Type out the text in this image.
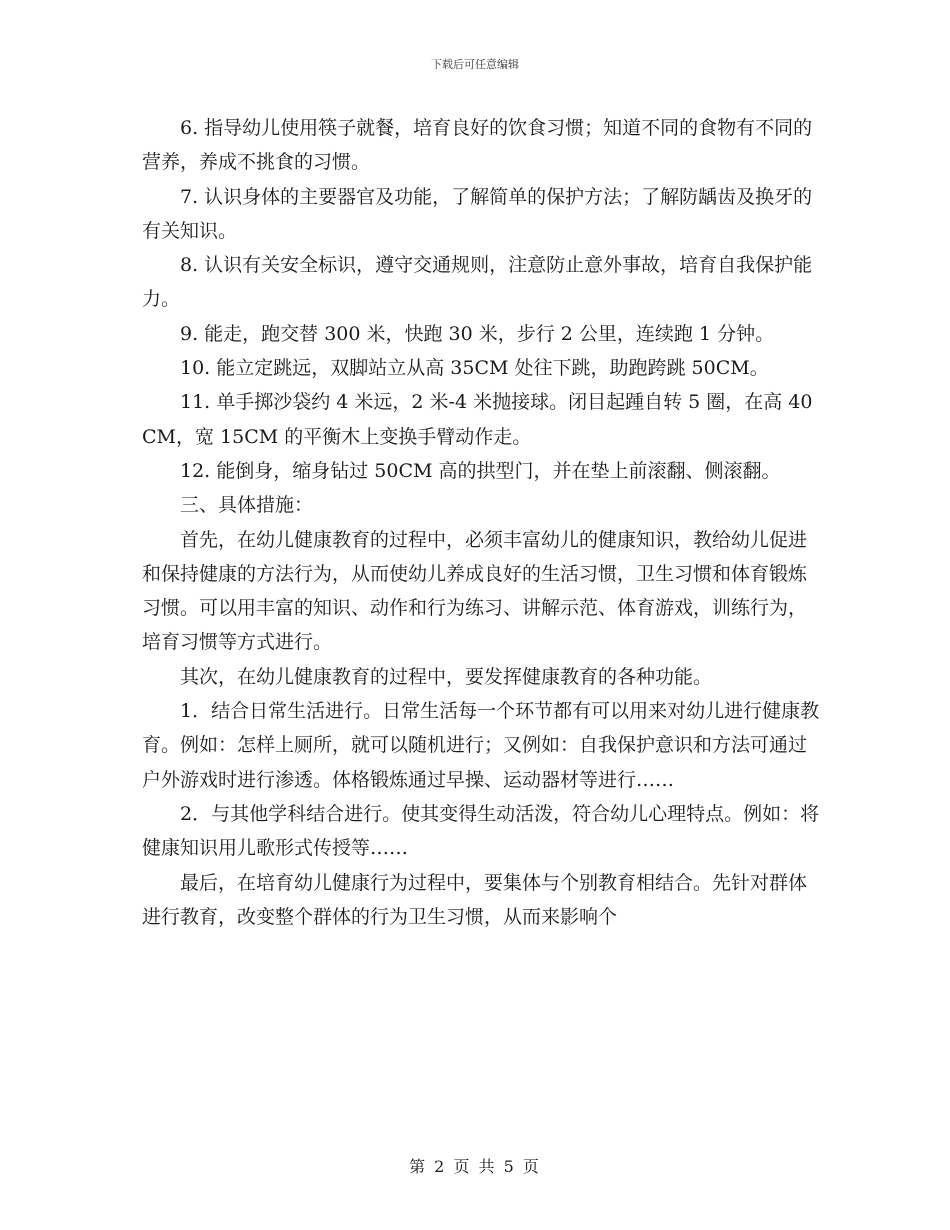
下载后可任意编辑

6. 指导幼儿使用筷子就餐，培育良好的饮食习惯；知道不同的食物有不同的营养，养成不挑食的习惯。

7. 认识身体的主要器官及功能，了解简单的保护方法；了解防龋齿及换牙的有关知识。

8. 认识有关安全标识，遵守交通规则，注意防止意外事故，培育自我保护能力。

9. 能走，跑交替 300 米，快跑 30 米，步行 2 公里，连续跑 1 分钟。

10. 能立定跳远，双脚站立从高 35CM 处往下跳，助跑跨跳 50CM。

11. 单手掷沙袋约 4 米远，2 米-4 米抛接球。闭目起踵自转 5 圈，在高 40CM，宽 15CM 的平衡木上变换手臂动作走。

12. 能倒身，缩身钻过 50CM 高的拱型门，并在垫上前滚翻、侧滚翻。

三、具体措施：

首先，在幼儿健康教育的过程中，必须丰富幼儿的健康知识，教给幼儿促进和保持健康的方法行为，从而使幼儿养成良好的生活习惯，卫生习惯和体育锻炼习惯。可以用丰富的知识、动作和行为练习、讲解示范、体育游戏，训练行为，培育习惯等方式进行。

其次，在幼儿健康教育的过程中，要发挥健康教育的各种功能。

1．结合日常生活进行。日常生活每一个环节都有可以用来对幼儿进行健康教育。例如：怎样上厕所，就可以随机进行；又例如：自我保护意识和方法可通过户外游戏时进行渗透。体格锻炼通过早操、运动器材等进行……

2．与其他学科结合进行。使其变得生动活泼，符合幼儿心理特点。例如：将健康知识用儿歌形式传授等……

最后，在培育幼儿健康行为过程中，要集体与个别教育相结合。先针对群体进行教育，改变整个群体的行为卫生习惯，从而来影响个

第 2 页 共 5 页
